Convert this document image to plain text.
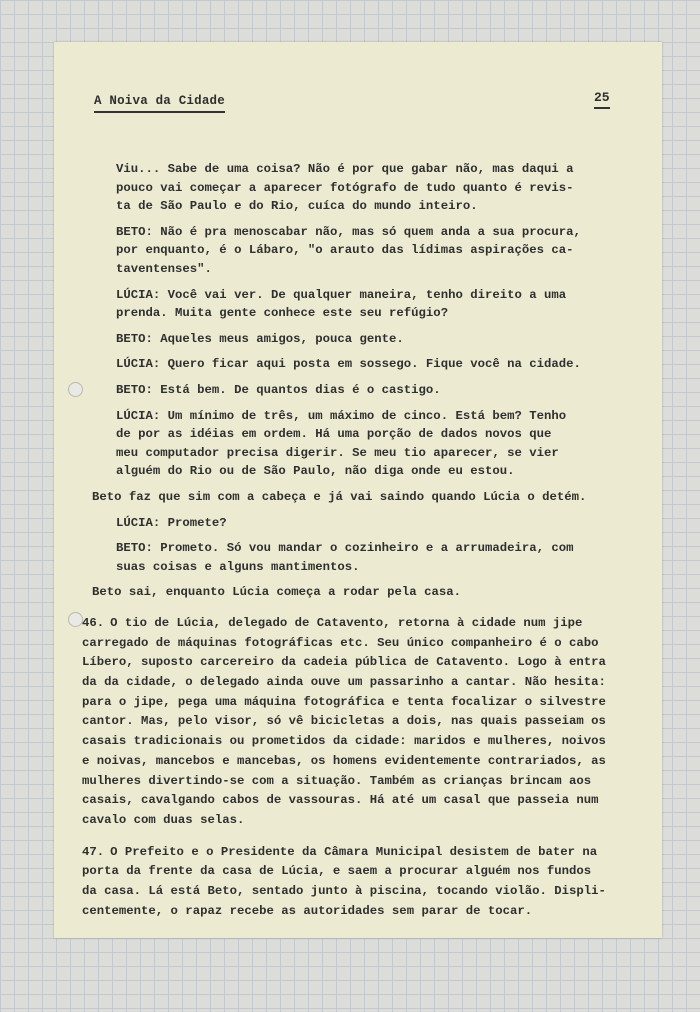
A Noiva da Cidade	25
Viu... Sabe de uma coisa? Não é por que gabar não, mas daqui a
pouco vai começar a aparecer fotógrafo de tudo quanto é revis-
ta de São Paulo e do Rio, cuíca do mundo inteiro.
BETO: Não é pra menoscabar não, mas só quem anda a sua procura,
por enquanto, é o Lábaro, "o arauto das lídimas aspirações ca-
taventenses".
LÚCIA: Você vai ver. De qualquer maneira, tenho direito a uma
prenda. Muita gente conhece este seu refúgio?
BETO: Aqueles meus amigos, pouca gente.
LÚCIA: Quero ficar aqui posta em sossego. Fique você na cidade.
BETO: Está bem. De quantos dias é o castigo.
LÚCIA: Um mínimo de três, um máximo de cinco. Está bem? Tenho
de por as idéias em ordem. Há uma porção de dados novos que
meu computador precisa digerir. Se meu tio aparecer, se vier
alguém do Rio ou de São Paulo, não diga onde eu estou.
Beto faz que sim com a cabeça e já vai saindo quando Lúcia o detém.
LÚCIA: Promete?
BETO: Prometo. Só vou mandar o cozinheiro e a arrumadeira, com
suas coisas e alguns mantimentos.
Beto sai, enquanto Lúcia começa a rodar pela casa.
46. O tio de Lúcia, delegado de Catavento, retorna à cidade num jipe
carregado de máquinas fotográficas etc. Seu único companheiro é o cabo
Líbero, suposto carcereiro da cadeia pública de Catavento. Logo à entra
da da cidade, o delegado ainda ouve um passarinho a cantar. Não hesita:
para o jipe, pega uma máquina fotográfica e tenta focalizar o silvestre
cantor. Mas, pelo visor, só vê bicicletas a dois, nas quais passeiam os
casais tradicionais ou prometidos da cidade: maridos e mulheres, noivos
e noivas, mancebos e mancebas, os homens evidentemente contrariados, as
mulheres divertindo-se com a situação. Também as crianças brincam aos
casais, cavalgando cabos de vassouras. Há até um casal que passeia num
cavalo com duas selas.
47. O Prefeito e o Presidente da Câmara Municipal desistem de bater na
porta da frente da casa de Lúcia, e saem a procurar alguém nos fundos
da casa. Lá está Beto, sentado junto à piscina, tocando violão. Displi-
centemente, o rapaz recebe as autoridades sem parar de tocar.
